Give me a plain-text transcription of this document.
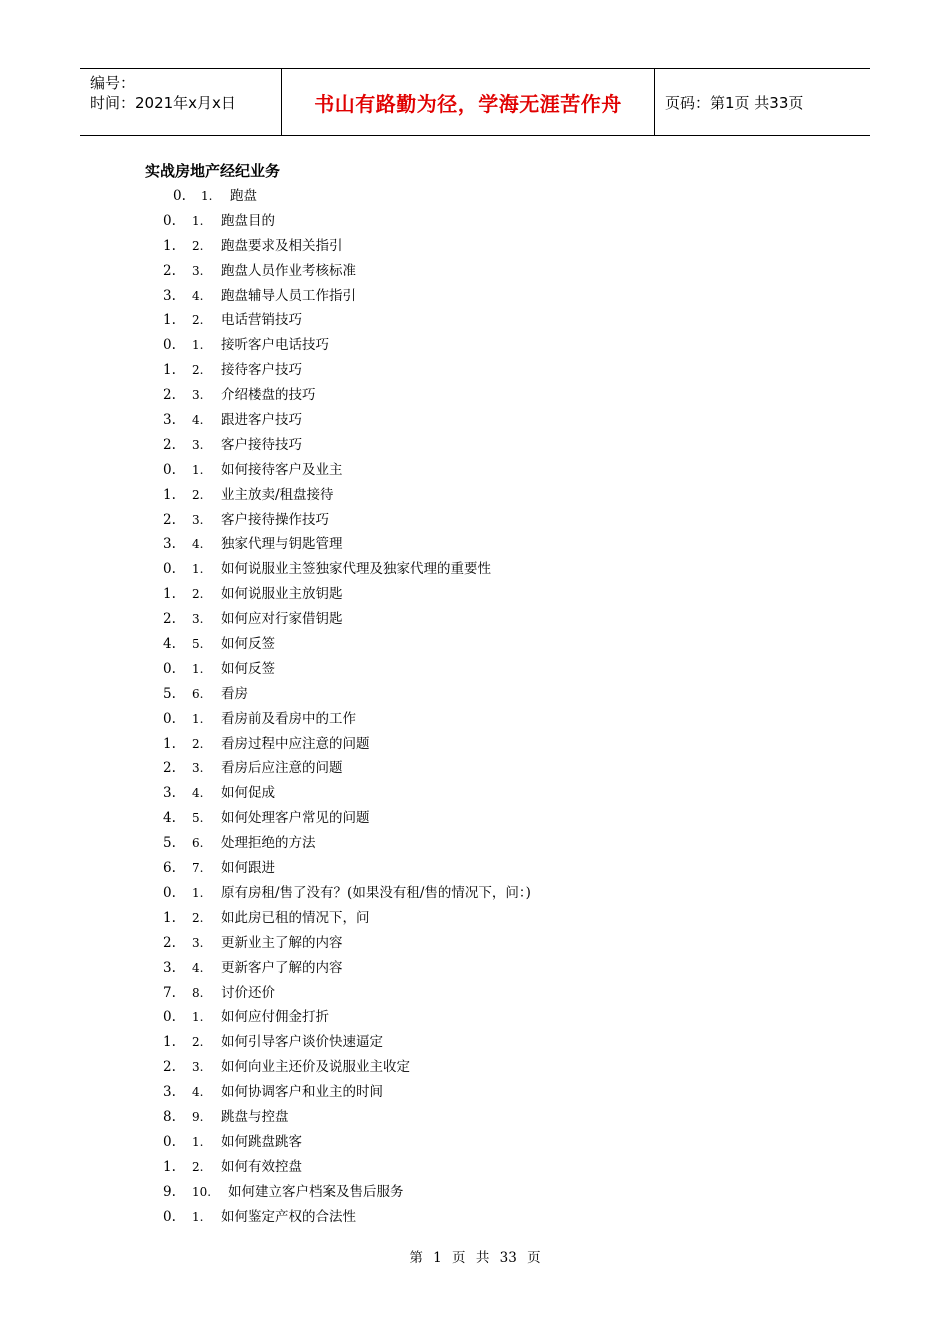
编号：
时间：2021年x月x日	书山有路勤为径，学海无涯苦作舟	页码：第1页 共33页
实战房地产经纪业务
0. 1. 跑盘
0. 1. 跑盘目的
1. 2. 跑盘要求及相关指引
2. 3. 跑盘人员作业考核标准
3. 4. 跑盘辅导人员工作指引
1. 2. 电话营销技巧
0. 1. 接听客户电话技巧
1. 2. 接待客户技巧
2. 3. 介绍楼盘的技巧
3. 4. 跟进客户技巧
2. 3. 客户接待技巧
0. 1. 如何接待客户及业主
1. 2. 业主放卖/租盘接待
2. 3. 客户接待操作技巧
3. 4. 独家代理与钥匙管理
0. 1. 如何说服业主签独家代理及独家代理的重要性
1. 2. 如何说服业主放钥匙
2. 3. 如何应对行家借钥匙
4. 5. 如何反签
0. 1. 如何反签
5. 6. 看房
0. 1. 看房前及看房中的工作
1. 2. 看房过程中应注意的问题
2. 3. 看房后应注意的问题
3. 4. 如何促成
4. 5. 如何处理客户常见的问题
5. 6. 处理拒绝的方法
6. 7. 如何跟进
0. 1. 原有房租/售了没有？(如果没有租/售的情况下，问：)
1. 2. 如此房已租的情况下，问
2. 3. 更新业主了解的内容
3. 4. 更新客户了解的内容
7. 8. 讨价还价
0. 1. 如何应付佣金打折
1. 2. 如何引导客户谈价快速逼定
2. 3. 如何向业主还价及说服业主收定
3. 4. 如何协调客户和业主的时间
8. 9. 跳盘与控盘
0. 1. 如何跳盘跳客
1. 2. 如何有效控盘
9. 10. 如何建立客户档案及售后服务
0. 1. 如何鉴定产权的合法性
第 1 页 共 33 页
